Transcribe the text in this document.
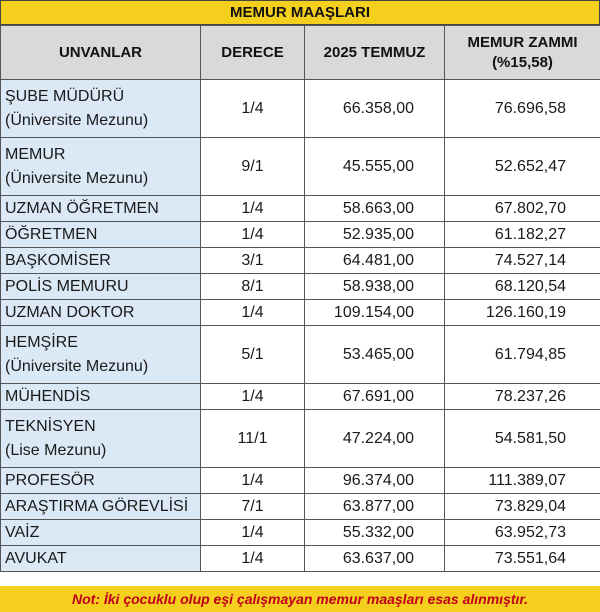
MEMUR MAAŞLARI
UNVANLAR	DERECE	2025 TEMMUZ	MEMUR ZAMMI
(%15,58)

ŞUBE MÜDÜRÜ
(Üniversite Mezunu)	1/4	66.358,00	76.696,58

MEMUR
(Üniversite Mezunu)	9/1	45.555,00	52.652,47

UZMAN ÖĞRETMEN	1/4	58.663,00	67.802,70

ÖĞRETMEN	1/4	52.935,00	61.182,27

BAŞKOMİSER	3/1	64.481,00	74.527,14

POLİS MEMURU	8/1	58.938,00	68.120,54

UZMAN DOKTOR	1/4	109.154,00	126.160,19

HEMŞİRE
(Üniversite Mezunu)	5/1	53.465,00	61.794,85

MÜHENDİS	1/4	67.691,00	78.237,26

TEKNİSYEN
(Lise Mezunu)	11/1	47.224,00	54.581,50

PROFESÖR	1/4	96.374,00	111.389,07

ARAŞTIRMA GÖREVLİSİ	7/1	63.877,00	73.829,04

VAİZ	1/4	55.332,00	63.952,73

AVUKAT	1/4	63.637,00	73.551,64
Not: İki çocuklu olup eşi çalışmayan memur maaşları esas alınmıştır.
